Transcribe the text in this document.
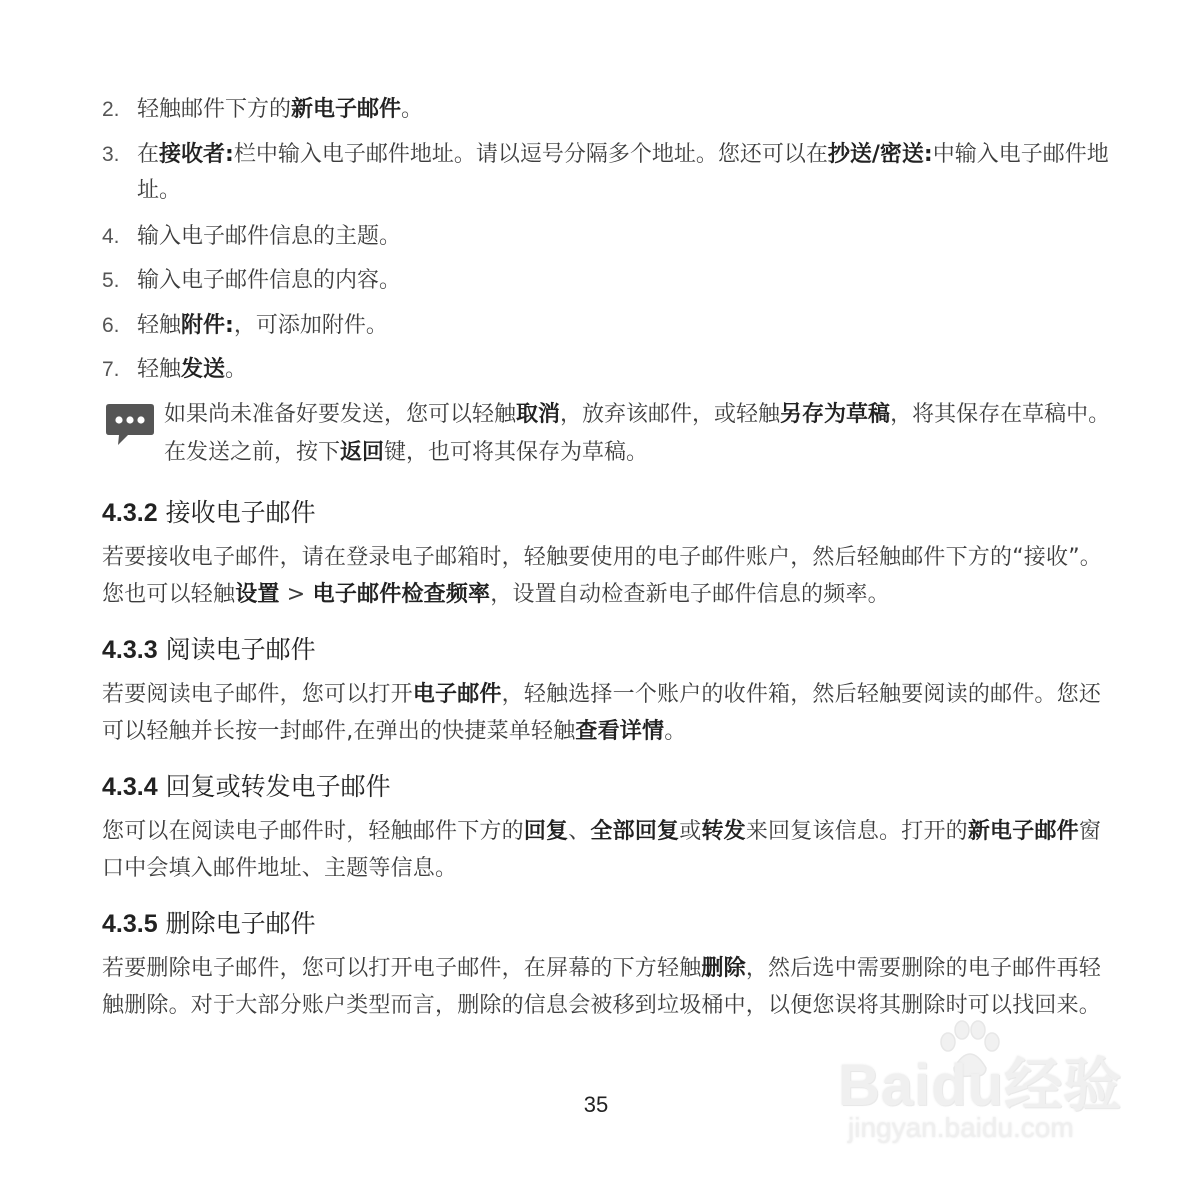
2. 轻触邮件下方的新电子邮件。
3. 在接收者:栏中输入电子邮件地址。请以逗号分隔多个地址。您还可以在抄送/密送:中输入电子邮件地址。
4. 输入电子邮件信息的主题。
5. 输入电子邮件信息的内容。
6. 轻触附件:，可添加附件。
7. 轻触发送。
如果尚未准备好要发送，您可以轻触取消，放弃该邮件，或轻触另存为草稿，将其保存在草稿中。在发送之前，按下返回键，也可将其保存为草稿。
4.3.2 接收电子邮件
若要接收电子邮件，请在登录电子邮箱时，轻触要使用的电子邮件账户，然后轻触邮件下方的“接收”。您也可以轻触设置 > 电子邮件检查频率，设置自动检查新电子邮件信息的频率。
4.3.3 阅读电子邮件
若要阅读电子邮件，您可以打开电子邮件，轻触选择一个账户的收件箱，然后轻触要阅读的邮件。您还可以轻触并长按一封邮件,在弹出的快捷菜单轻触查看详情。
4.3.4 回复或转发电子邮件
您可以在阅读电子邮件时，轻触邮件下方的回复、全部回复或转发来回复该信息。打开的新电子邮件窗口中会填入邮件地址、主题等信息。
4.3.5 删除电子邮件
若要删除电子邮件，您可以打开电子邮件，在屏幕的下方轻触删除，然后选中需要删除的电子邮件再轻触删除。对于大部分账户类型而言，删除的信息会被移到垃圾桶中，以便您误将其删除时可以找回来。
35	Baidu经验
jingyan.baidu.com
